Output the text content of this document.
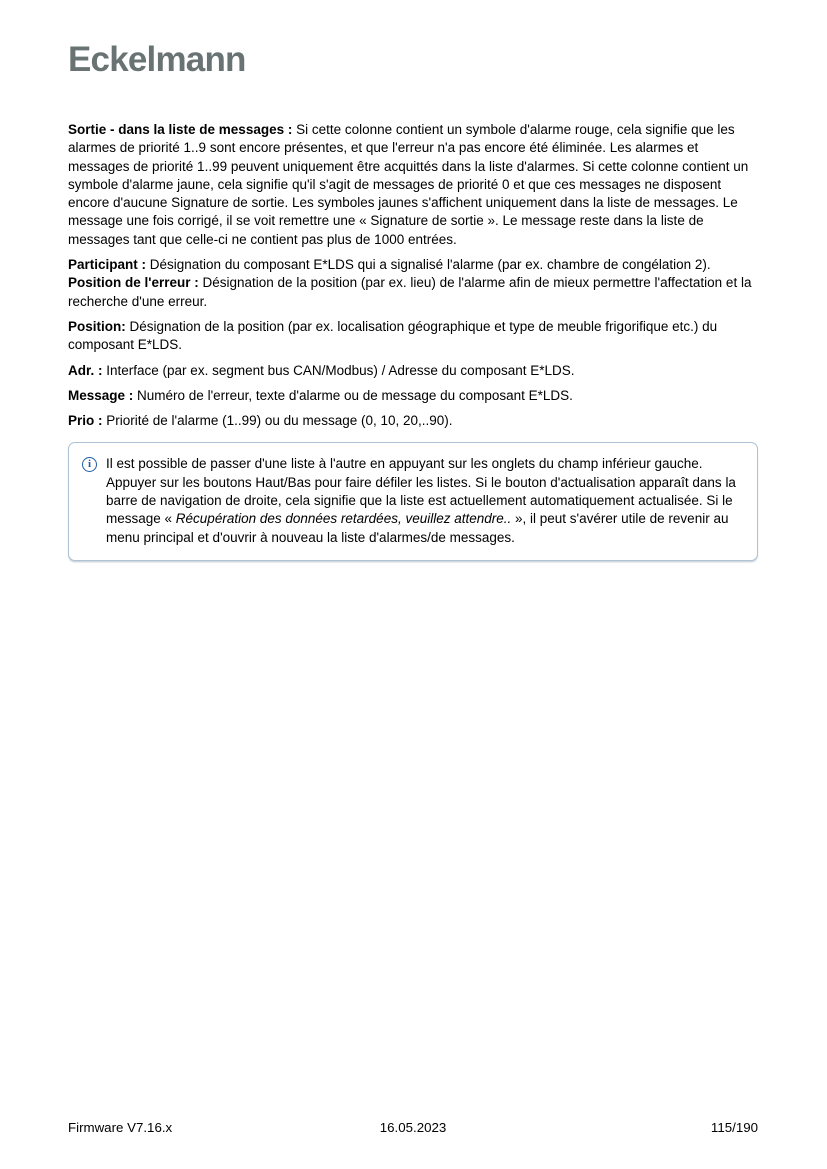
Eckelmann

Sortie - dans la liste de messages : Si cette colonne contient un symbole d'alarme rouge, cela signifie que les alarmes de priorité 1..9 sont encore présentes, et que l'erreur n'a pas encore été éliminée. Les alarmes et messages de priorité 1..99 peuvent uniquement être acquittés dans la liste d'alarmes. Si cette colonne contient un symbole d'alarme jaune, cela signifie qu'il s'agit de messages de priorité 0 et que ces messages ne disposent encore d'aucune Signature de sortie. Les symboles jaunes s'affichent uniquement dans la liste de messages. Le message une fois corrigé, il se voit remettre une « Signature de sortie ». Le message reste dans la liste de messages tant que celle-ci ne contient pas plus de 1000 entrées.

Participant : Désignation du composant E*LDS qui a signalisé l'alarme (par ex. chambre de congélation 2).
Position de l'erreur : Désignation de la position (par ex. lieu) de l'alarme afin de mieux permettre l'affectation et la recherche d'une erreur.

Position: Désignation de la position (par ex. localisation géographique et type de meuble frigorifique etc.) du composant E*LDS.

Adr. : Interface (par ex. segment bus CAN/Modbus) / Adresse du composant E*LDS.

Message : Numéro de l'erreur, texte d'alarme ou de message du composant E*LDS.

Prio : Priorité de l'alarme (1..99) ou du message (0, 10, 20,..90).

i	Il est possible de passer d'une liste à l'autre en appuyant sur les onglets du champ inférieur gauche. Appuyer sur les boutons Haut/Bas pour faire défiler les listes. Si le bouton d'actualisation apparaît dans la barre de navigation de droite, cela signifie que la liste est actuellement automatiquement actualisée. Si le message « Récupération des données retardées, veuillez attendre.. », il peut s'avérer utile de revenir au menu principal et d'ouvrir à nouveau la liste d'alarmes/de messages.
Firmware V7.16.x	16.05.2023	115/190
